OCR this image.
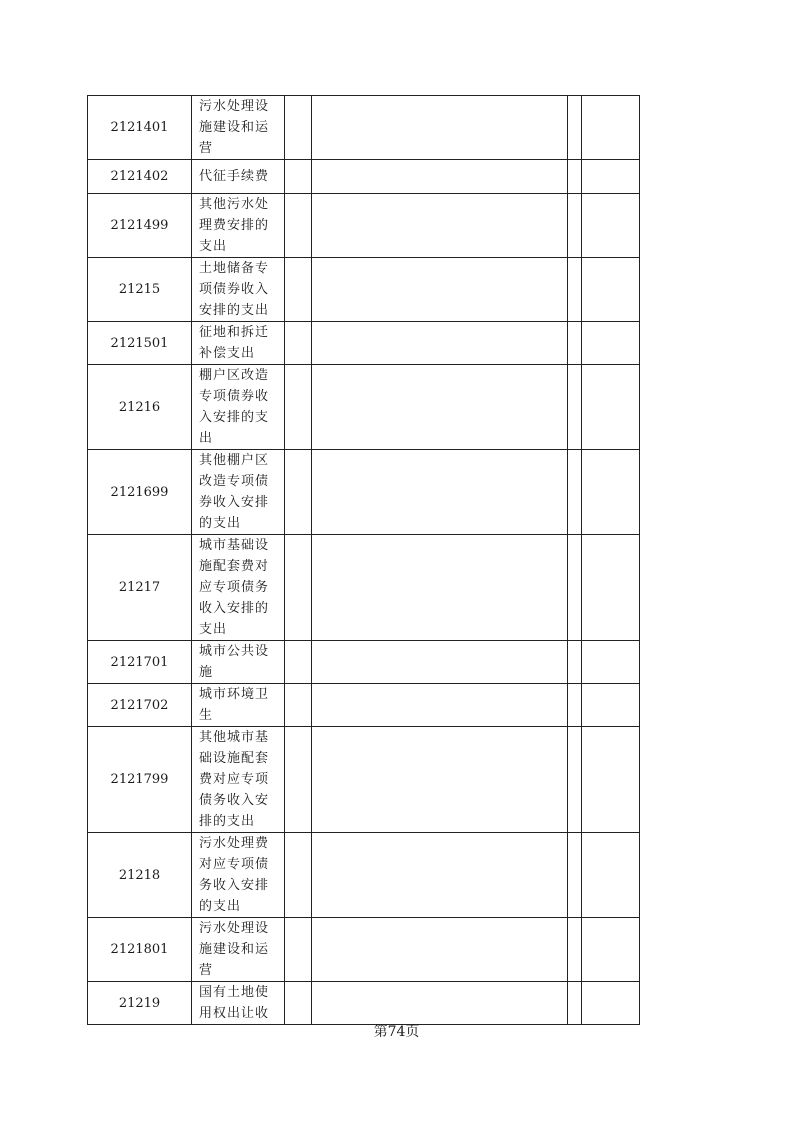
2121401	污水处理设施建设和运营				
2121402	代征手续费				
2121499	其他污水处理费安排的支出				
21215	土地储备专项债券收入安排的支出				
2121501	征地和拆迁补偿支出				
21216	棚户区改造专项债券收入安排的支出				
2121699	其他棚户区改造专项债券收入安排的支出				
21217	城市基础设施配套费对应专项债务收入安排的支出				
2121701	城市公共设施				
2121702	城市环境卫生				
2121799	其他城市基础设施配套费对应专项债务收入安排的支出				
21218	污水处理费对应专项债务收入安排的支出				
2121801	污水处理设施建设和运营				
21219	国有土地使用权出让收				
第74页
